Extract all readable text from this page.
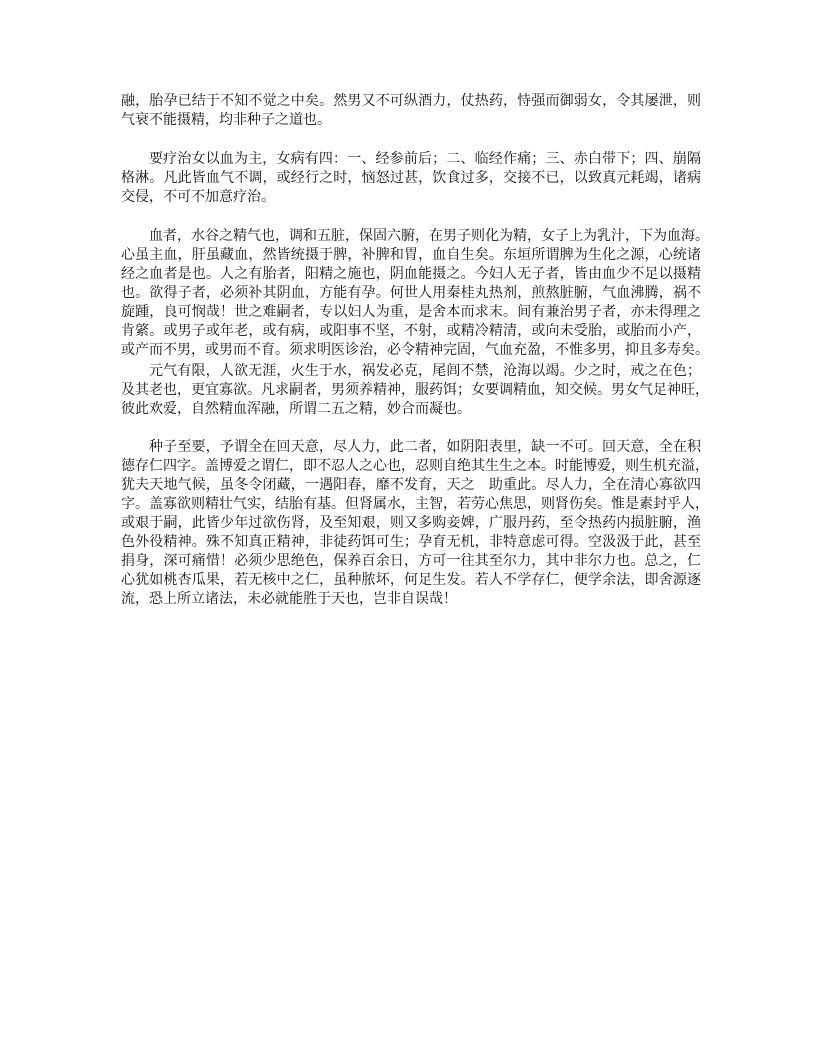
融，胎孕已结于不知不觉之中矣。然男又不可纵酒力，仗热药，恃强而御弱女，令其屡泄，则
气衰不能摄精，均非种子之道也。
要疗治女以血为主，女病有四：一、经参前后；二、临经作痛；三、赤白带下；四、崩隔
格淋。凡此皆血气不调，或经行之时，恼怒过甚，饮食过多，交接不已，以致真元耗竭，诸病
交侵，不可不加意疗治。
血者，水谷之精气也，调和五脏，保固六腑，在男子则化为精，女子上为乳汁，下为血海。
心虽主血，肝虽藏血，然皆统摄于脾，补脾和胃，血自生矣。东垣所谓脾为生化之源，心统诸
经之血者是也。人之有胎者，阳精之施也，阴血能摄之。今妇人无子者，皆由血少不足以摄精
也。欲得子者，必须补其阴血，方能有孕。何世人用秦桂丸热剂，煎熬脏腑，气血沸腾，祸不
旋踵，良可悯哉！世之难嗣者，专以妇人为重，是舍本而求末。间有兼治男子者，亦未得理之
肯綮。或男子或年老，或有病，或阳事不坚，不射，或精冷精清，或向未受胎，或胎而小产，
或产而不男，或男而不育。须求明医诊治，必令精神完固，气血充盈，不惟多男，抑且多寿矣。
元气有限，人欲无涯，火生于水，祸发必克，尾闾不禁，沧海以竭。少之时，戒之在色；
及其老也，更宜寡欲。凡求嗣者，男须养精神，服药饵；女要调精血，知交候。男女气足神旺，
彼此欢爱，自然精血浑融，所谓二五之精，妙合而凝也。
种子至要，予谓全在回天意，尽人力，此二者，如阴阳表里，缺一不可。回天意，全在积
德存仁四字。盖博爱之谓仁，即不忍人之心也，忍则自绝其生生之本。时能博爱，则生机充溢，
犹夫天地气候，虽冬令闭藏，一遇阳春，靡不发育，天之　助重此。尽人力，全在清心寡欲四
字。盖寡欲则精壮气实，结胎有基。但肾属水，主智，若劳心焦思，则肾伤矣。惟是素封乎人，
或艰于嗣，此皆少年过欲伤肾，及至知艰，则又多购妾婢，广服丹药，至令热药内损脏腑，渔
色外役精神。殊不知真正精神，非徒药饵可生；孕育无机，非特意虑可得。空汲汲于此，甚至
捐身，深可痛惜！必须少思绝色，保养百余日，方可一往其至尔力，其中非尔力也。总之，仁
心犹如桃杏瓜果，若无核中之仁，虽种脓坏，何足生发。若人不学存仁，便学余法，即舍源逐
流，恐上所立诸法，未必就能胜于天也，岂非自误哉！
